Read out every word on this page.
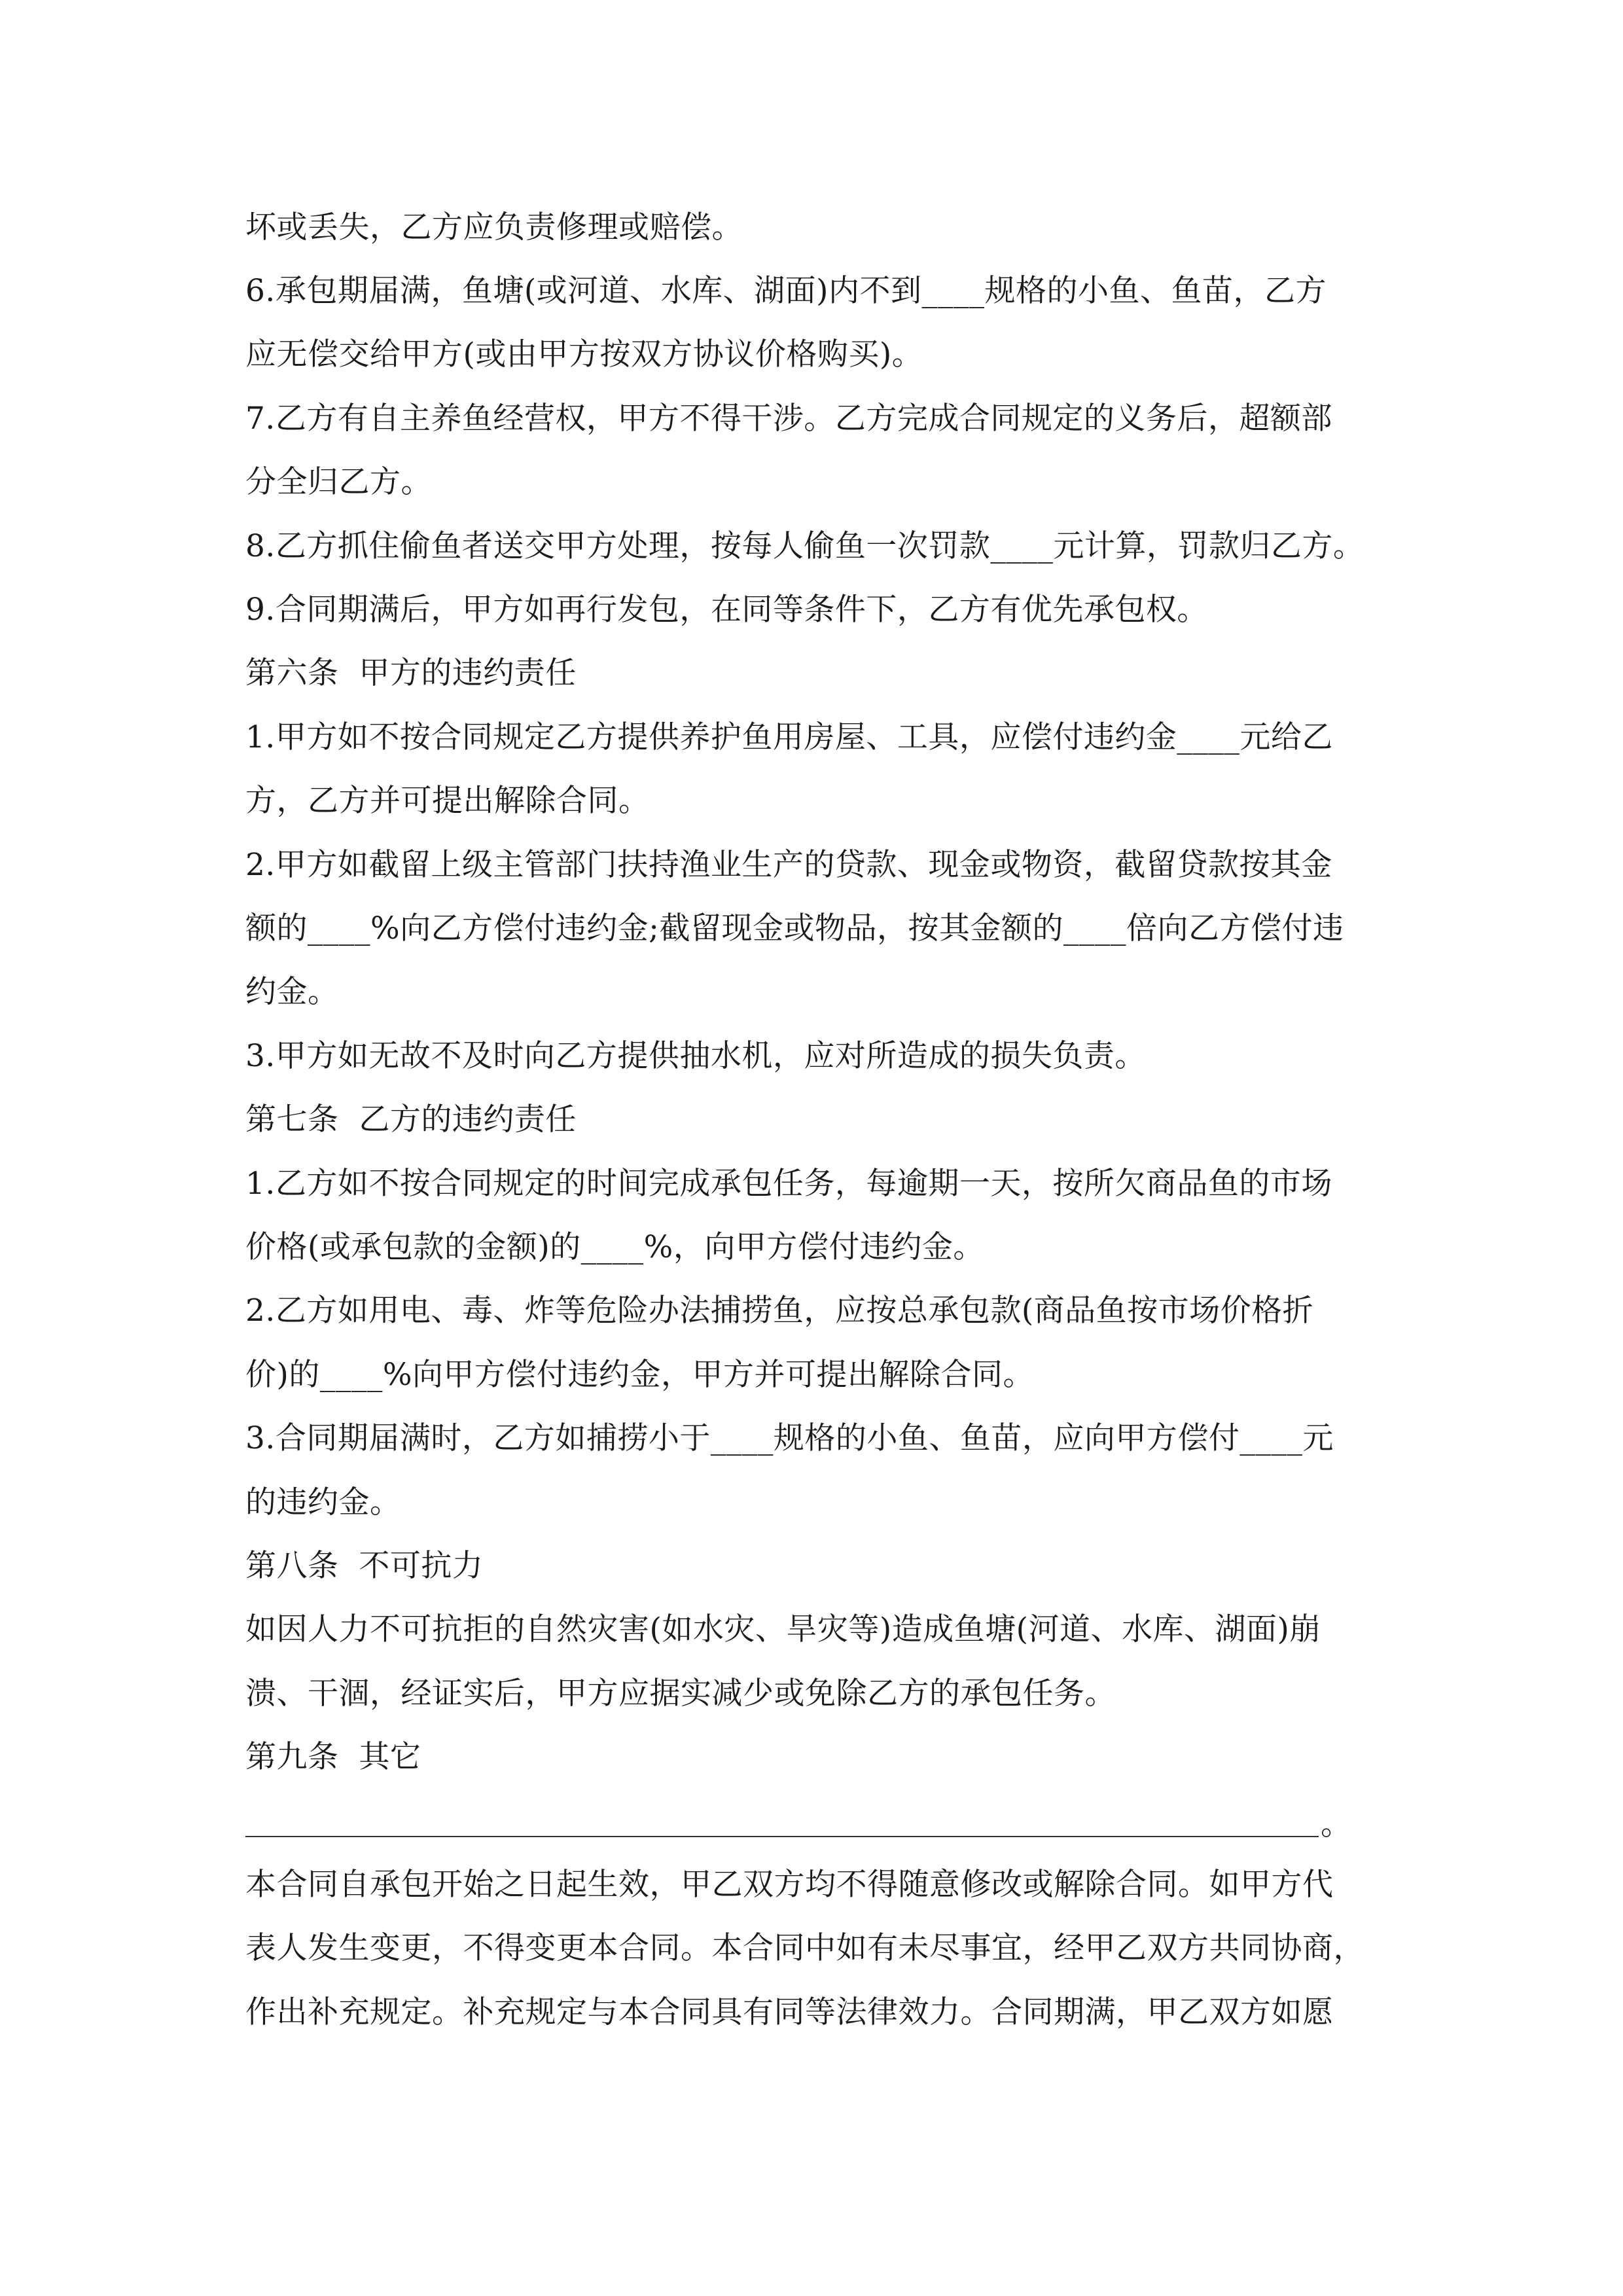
坏或丢失，乙方应负责修理或赔偿。
6.承包期届满，鱼塘(或河道、水库、湖面)内不到____规格的小鱼、鱼苗，乙方
应无偿交给甲方(或由甲方按双方协议价格购买)。
7.乙方有自主养鱼经营权，甲方不得干涉。乙方完成合同规定的义务后，超额部
分全归乙方。
8.乙方抓住偷鱼者送交甲方处理，按每人偷鱼一次罚款____元计算，罚款归乙方。
9.合同期满后，甲方如再行发包，在同等条件下，乙方有优先承包权。
第六条  甲方的违约责任
1.甲方如不按合同规定乙方提供养护鱼用房屋、工具，应偿付违约金____元给乙
方，乙方并可提出解除合同。
2.甲方如截留上级主管部门扶持渔业生产的贷款、现金或物资，截留贷款按其金
额的____%向乙方偿付违约金;截留现金或物品，按其金额的____倍向乙方偿付违
约金。
3.甲方如无故不及时向乙方提供抽水机，应对所造成的损失负责。
第七条  乙方的违约责任
1.乙方如不按合同规定的时间完成承包任务，每逾期一天，按所欠商品鱼的市场
价格(或承包款的金额)的____%，向甲方偿付违约金。
2.乙方如用电、毒、炸等危险办法捕捞鱼，应按总承包款(商品鱼按市场价格折
价)的____%向甲方偿付违约金，甲方并可提出解除合同。
3.合同期届满时，乙方如捕捞小于____规格的小鱼、鱼苗，应向甲方偿付____元
的违约金。
第八条  不可抗力
如因人力不可抗拒的自然灾害(如水灾、旱灾等)造成鱼塘(河道、水库、湖面)崩
溃、干涸，经证实后，甲方应据实减少或免除乙方的承包任务。
第九条  其它
。
本合同自承包开始之日起生效，甲乙双方均不得随意修改或解除合同。如甲方代
表人发生变更，不得变更本合同。本合同中如有未尽事宜，经甲乙双方共同协商，
作出补充规定。补充规定与本合同具有同等法律效力。合同期满，甲乙双方如愿
